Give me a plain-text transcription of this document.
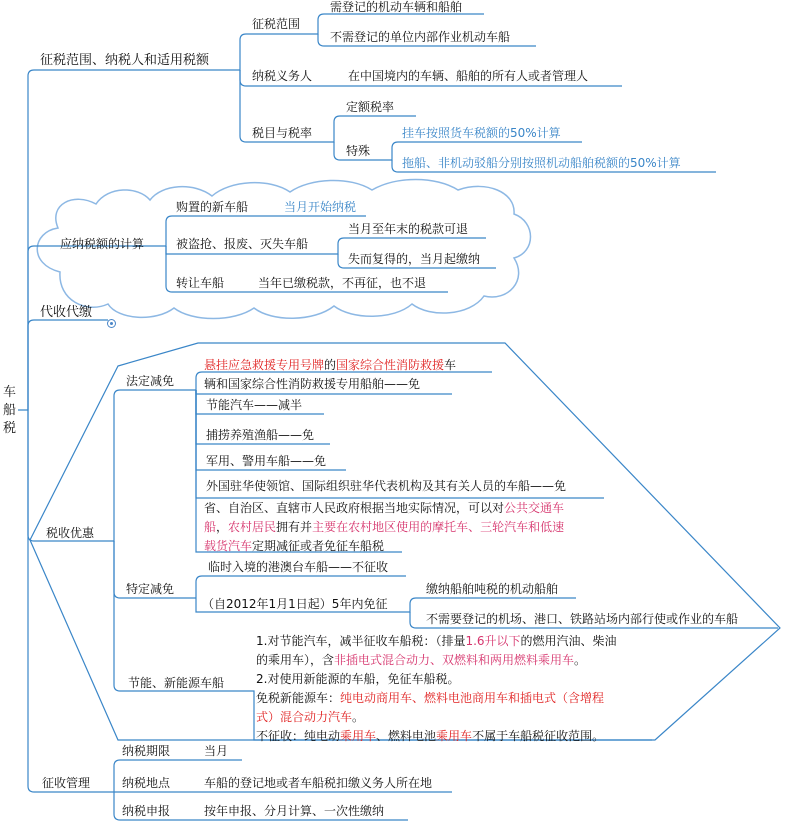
车船税
征税范围、纳税人和适用税额
征税范围
需登记的机动车辆和船舶
不需登记的单位内部作业机动车船
纳税义务人	在中国境内的车辆、船舶的所有人或者管理人
税目与税率
定额税率
特殊
挂车按照货车税额的50%计算
拖船、非机动驳船分别按照机动船舶税额的50%计算
应纳税额的计算
购置的新车船	当月开始纳税
被盗抢、报废、灭失车船
当月至年末的税款可退
失而复得的，当月起缴纳
转让车船	当年已缴税款，不再征，也不退
代收代缴
税收优惠
法定减免
悬挂应急救援专用号牌的国家综合性消防救援车
辆和国家综合性消防救援专用船舶——免
节能汽车——减半
捕捞养殖渔船——免
军用、警用车船——免
外国驻华使领馆、国际组织驻华代表机构及其有关人员的车船——免
省、自治区、直辖市人民政府根据当地实际情况，可以对公共交通车
船，农村居民拥有并主要在农村地区使用的摩托车、三轮汽车和低速
载货汽车定期减征或者免征车船税
特定减免
临时入境的港澳台车船——不征收
（自2012年1月1日起）5年内免征
缴纳船舶吨税的机动船舶
不需要登记的机场、港口、铁路站场内部行使或作业的车船
节能、新能源车船
1.对节能汽车，减半征收车船税：（排量1.6升以下的燃用汽油、柴油
的乘用车），含非插电式混合动力、双燃料和两用燃料乘用车。
2.对使用新能源的车船，免征车船税。
免税新能源车：纯电动商用车、燃料电池商用车和插电式（含增程
式）混合动力汽车。
不征收：纯电动乘用车、燃料电池乘用车不属于车船税征收范围。
征收管理
纳税期限	当月
纳税地点	车船的登记地或者车船税扣缴义务人所在地
纳税申报	按年申报、分月计算、一次性缴纳
